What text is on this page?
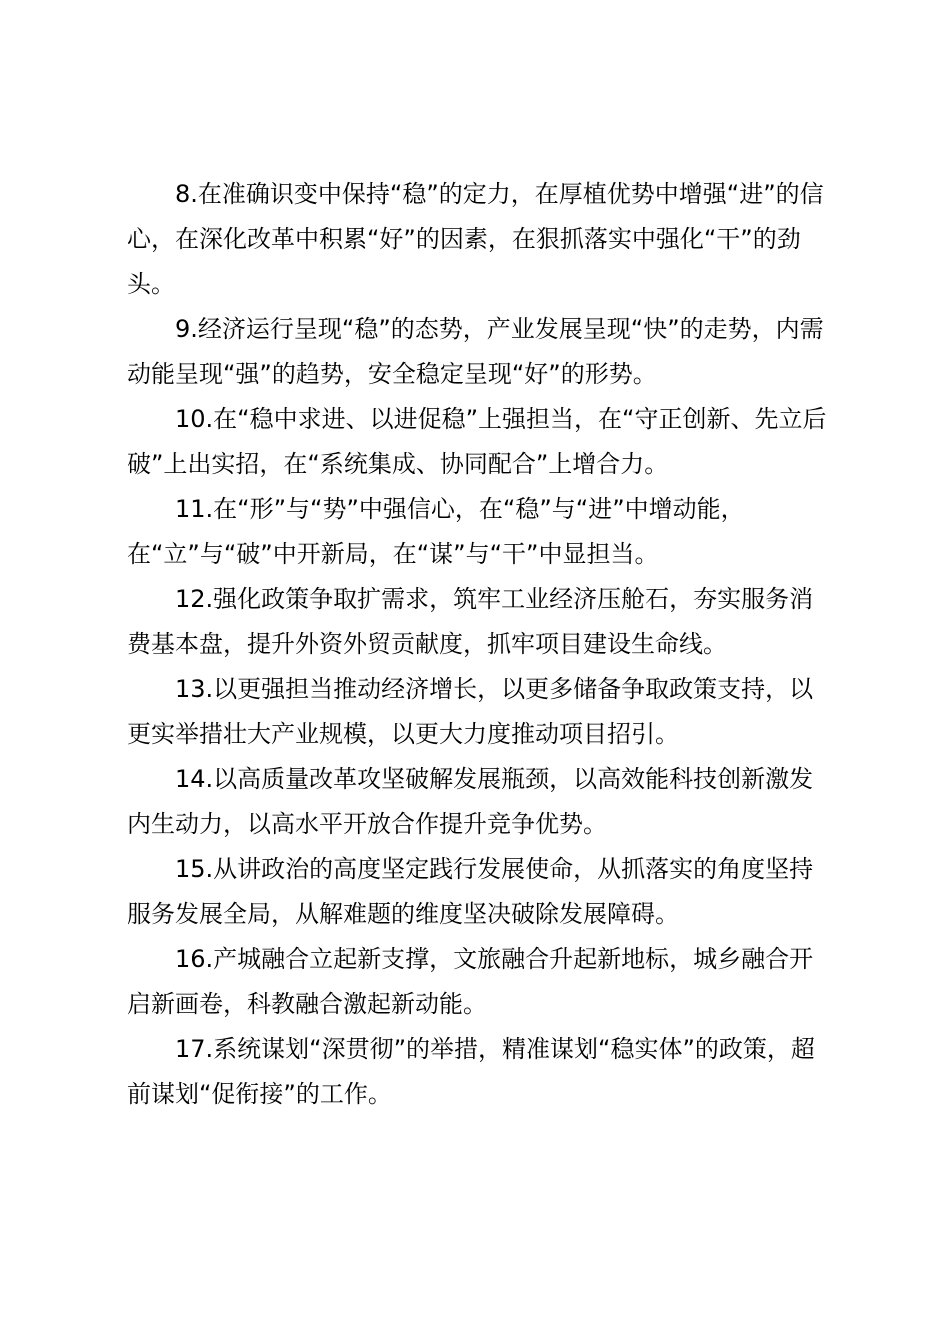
8.在准确识变中保持“稳”的定力，在厚植优势中增强“进”的信心，在深化改革中积累“好”的因素，在狠抓落实中强化“干”的劲头。

9.经济运行呈现“稳”的态势，产业发展呈现“快”的走势，内需动能呈现“强”的趋势，安全稳定呈现“好”的形势。

10.在“稳中求进、以进促稳”上强担当，在“守正创新、先立后破”上出实招，在“系统集成、协同配合”上增合力。

11.在“形”与“势”中强信心，在“稳”与“进”中增动能，在“立”与“破”中开新局，在“谋”与“干”中显担当。

12.强化政策争取扩需求，筑牢工业经济压舱石，夯实服务消费基本盘，提升外资外贸贡献度，抓牢项目建设生命线。

13.以更强担当推动经济增长，以更多储备争取政策支持，以更实举措壮大产业规模，以更大力度推动项目招引。

14.以高质量改革攻坚破解发展瓶颈，以高效能科技创新激发内生动力，以高水平开放合作提升竞争优势。

15.从讲政治的高度坚定践行发展使命，从抓落实的角度坚持服务发展全局，从解难题的维度坚决破除发展障碍。

16.产城融合立起新支撑，文旅融合升起新地标，城乡融合开启新画卷，科教融合激起新动能。

17.系统谋划“深贯彻”的举措，精准谋划“稳实体”的政策，超前谋划“促衔接”的工作。
